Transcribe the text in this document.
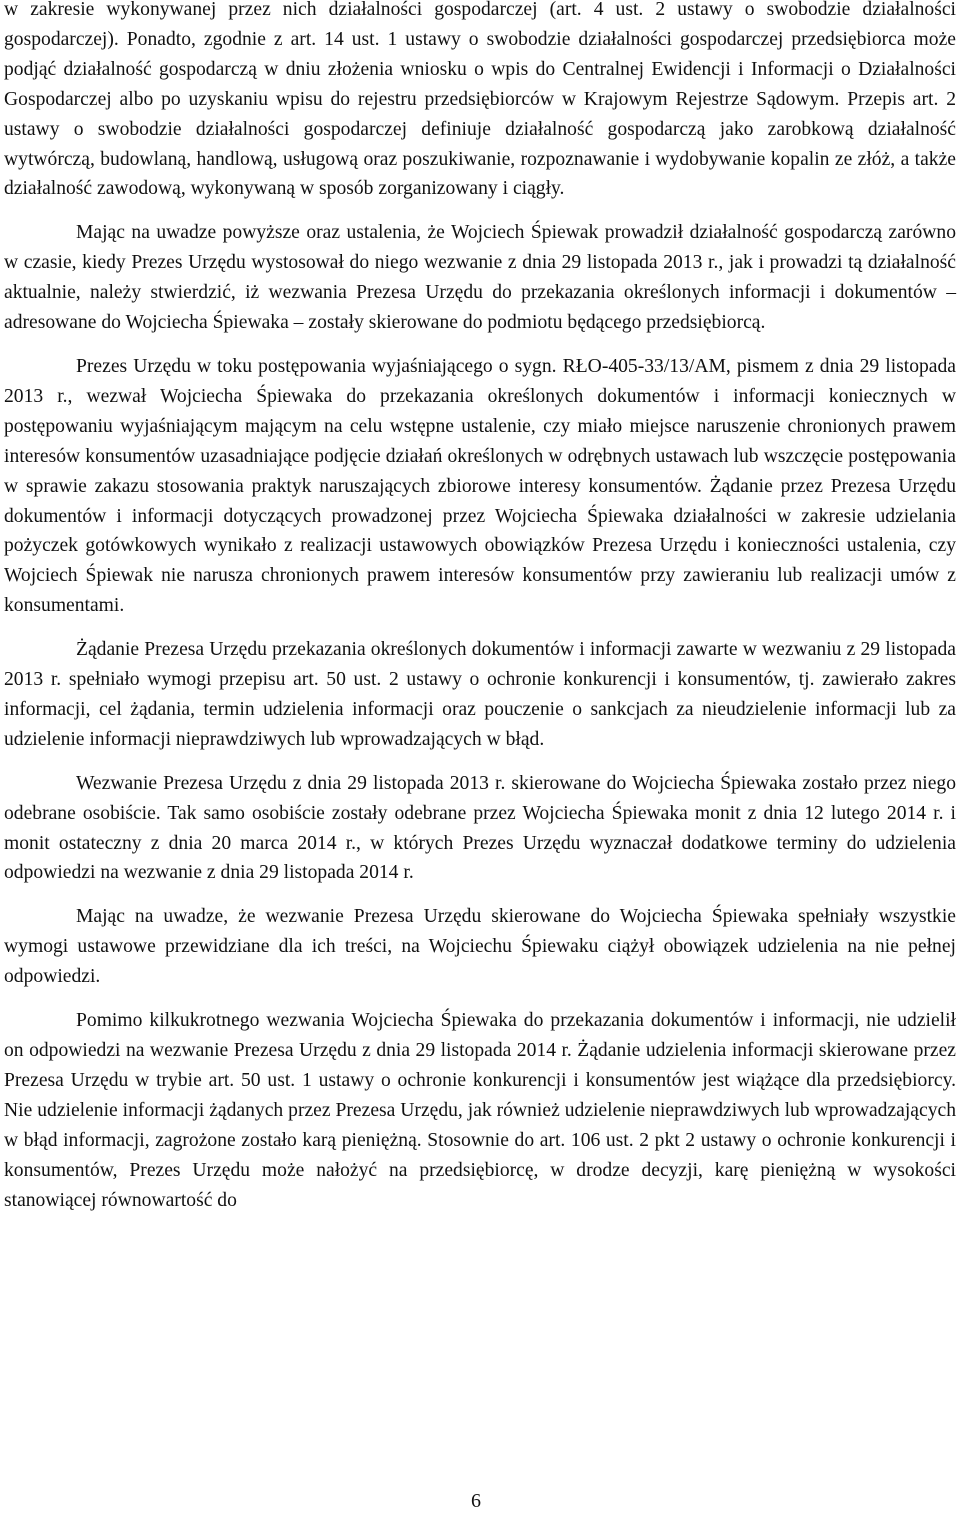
w zakresie wykonywanej przez nich działalności gospodarczej (art. 4 ust. 2 ustawy o swobodzie działalności gospodarczej). Ponadto, zgodnie z art. 14 ust. 1 ustawy o swobodzie działalności gospodarczej przedsiębiorca może podjąć działalność gospodarczą w dniu złożenia wniosku o wpis do Centralnej Ewidencji i Informacji o Działalności Gospodarczej albo po uzyskaniu wpisu do rejestru przedsiębiorców w Krajowym Rejestrze Sądowym. Przepis art. 2 ustawy o swobodzie działalności gospodarczej definiuje działalność gospodarczą jako zarobkową działalność wytwórczą, budowlaną, handlową, usługową oraz poszukiwanie, rozpoznawanie i wydobywanie kopalin ze złóż, a także działalność zawodową, wykonywaną w sposób zorganizowany i ciągły.

Mając na uwadze powyższe oraz ustalenia, że Wojciech Śpiewak prowadził działalność gospodarczą zarówno w czasie, kiedy Prezes Urzędu wystosował do niego wezwanie z dnia 29 listopada 2013 r., jak i prowadzi tą działalność aktualnie, należy stwierdzić, iż wezwania Prezesa Urzędu do przekazania określonych informacji i dokumentów – adresowane do Wojciecha Śpiewaka – zostały skierowane do podmiotu będącego przedsiębiorcą.

Prezes Urzędu w toku postępowania wyjaśniającego o sygn. RŁO-405-33/13/AM, pismem z dnia 29 listopada 2013 r., wezwał Wojciecha Śpiewaka do przekazania określonych dokumentów i informacji koniecznych w postępowaniu wyjaśniającym mającym na celu wstępne ustalenie, czy miało miejsce naruszenie chronionych prawem interesów konsumentów uzasadniające podjęcie działań określonych w odrębnych ustawach lub wszczęcie postępowania w sprawie zakazu stosowania praktyk naruszających zbiorowe interesy konsumentów. Żądanie przez Prezesa Urzędu dokumentów i informacji dotyczących prowadzonej przez Wojciecha Śpiewaka działalności w zakresie udzielania pożyczek gotówkowych wynikało z realizacji ustawowych obowiązków Prezesa Urzędu i konieczności ustalenia, czy Wojciech Śpiewak nie narusza chronionych prawem interesów konsumentów przy zawieraniu lub realizacji umów z konsumentami.

Żądanie Prezesa Urzędu przekazania określonych dokumentów i informacji zawarte w wezwaniu z 29 listopada 2013 r. spełniało wymogi przepisu art. 50 ust. 2 ustawy o ochronie konkurencji i konsumentów, tj. zawierało zakres informacji, cel żądania, termin udzielenia informacji oraz pouczenie o sankcjach za nieudzielenie informacji lub za udzielenie informacji nieprawdziwych lub wprowadzających w błąd.

Wezwanie Prezesa Urzędu z dnia 29 listopada 2013 r. skierowane do Wojciecha Śpiewaka zostało przez niego odebrane osobiście. Tak samo osobiście zostały odebrane przez Wojciecha Śpiewaka monit z dnia 12 lutego 2014 r. i monit ostateczny z dnia 20 marca 2014 r., w których Prezes Urzędu wyznaczał dodatkowe terminy do udzielenia odpowiedzi na wezwanie z dnia 29 listopada 2014 r.

Mając na uwadze, że wezwanie Prezesa Urzędu skierowane do Wojciecha Śpiewaka spełniały wszystkie wymogi ustawowe przewidziane dla ich treści, na Wojciechu Śpiewaku ciążył obowiązek udzielenia na nie pełnej odpowiedzi.

Pomimo kilkukrotnego wezwania Wojciecha Śpiewaka do przekazania dokumentów i informacji, nie udzielił on odpowiedzi na wezwanie Prezesa Urzędu z dnia 29 listopada 2014 r. Żądanie udzielenia informacji skierowane przez Prezesa Urzędu w trybie art. 50 ust. 1 ustawy o ochronie konkurencji i konsumentów jest wiążące dla przedsiębiorcy. Nie udzielenie informacji żądanych przez Prezesa Urzędu, jak również udzielenie nieprawdziwych lub wprowadzających w błąd informacji, zagrożone zostało karą pieniężną. Stosownie do art. 106 ust. 2 pkt 2 ustawy o ochronie konkurencji i konsumentów, Prezes Urzędu może nałożyć na przedsiębiorcę, w drodze decyzji, karę pieniężną w wysokości stanowiącej równowartość do

6
